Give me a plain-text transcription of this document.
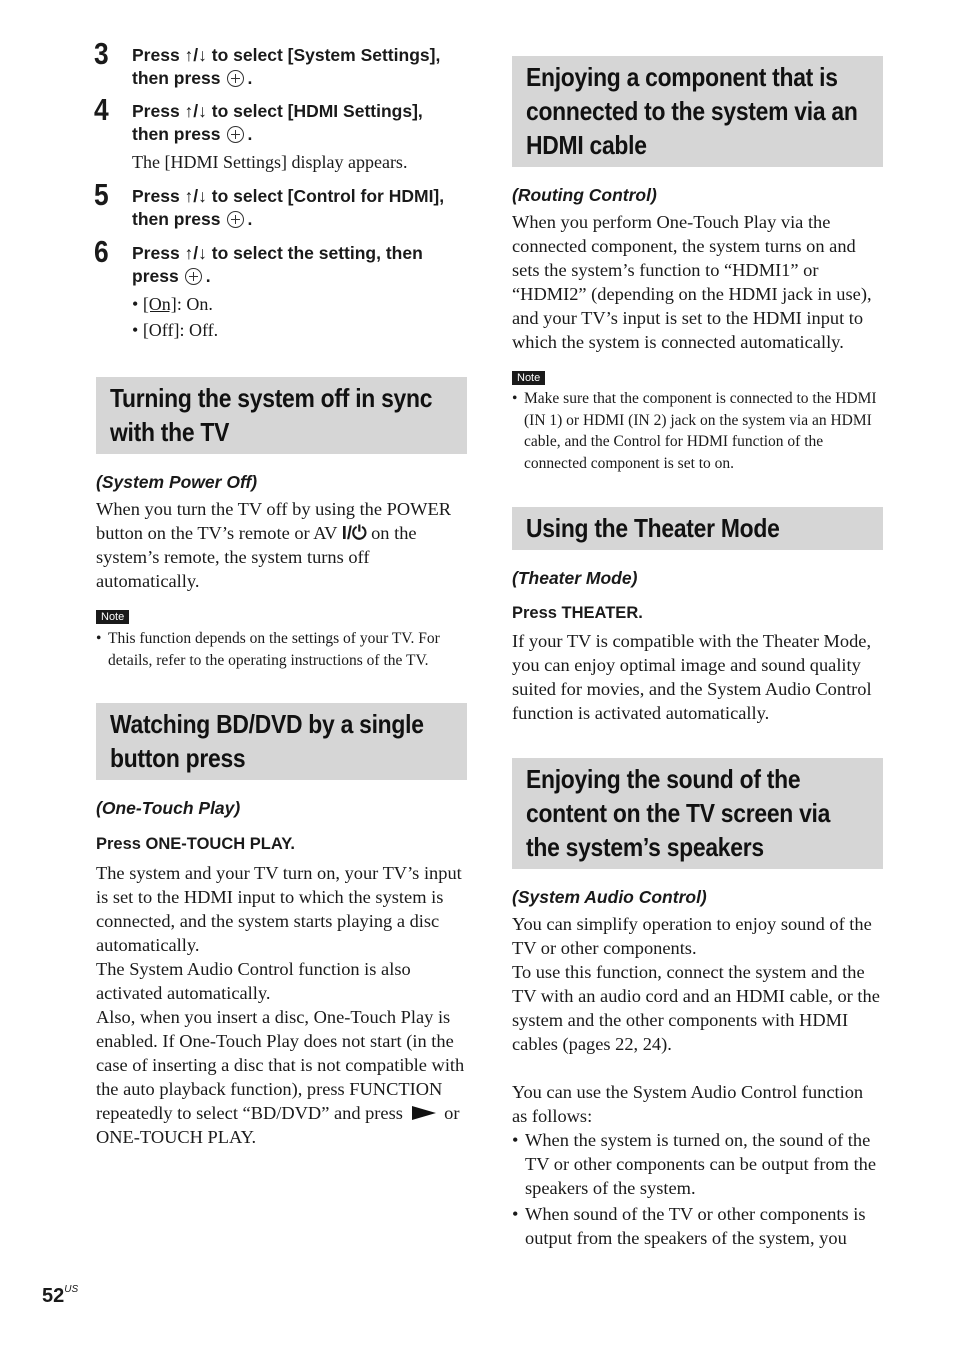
3 Press ↑/↓ to select [System Settings],
then press .
4 Press ↑/↓ to select [HDMI Settings],
then press .
The [HDMI Settings] display appears.
5 Press ↑/↓ to select [Control for HDMI],
then press .
6 Press ↑/↓ to select the setting, then
press .
• [On]: On.
• [Off]: Off.
Turning the system off in sync with the TV
(System Power Off)

When you turn the TV off by using the POWER button on the TV’s remote or AV I/⏻ on the system’s remote, the system turns off automatically.

Note
• This function depends on the settings of your TV. For details, refer to the operating instructions of the TV.
Watching BD/DVD by a single button press
(One-Touch Play)
Press ONE-TOUCH PLAY.

The system and your TV turn on, your TV’s input is set to the HDMI input to which the system is connected, and the system starts playing a disc automatically.

The System Audio Control function is also activated automatically.

Also, when you insert a disc, One-Touch Play is enabled. If One-Touch Play does not start (in the case of inserting a disc that is not compatible with the auto playback function), press FUNCTION repeatedly to select “BD/DVD” and press or ONE-TOUCH PLAY.

Enjoying a component that is connected to the system via an HDMI cable
(Routing Control)

When you perform One-Touch Play via the connected component, the system turns on and sets the system’s function to “HDMI1” or “HDMI2” (depending on the HDMI jack in use), and your TV’s input is set to the HDMI input to which the system is connected automatically.

Note
• Make sure that the component is connected to the HDMI (IN 1) or HDMI (IN 2) jack on the system via an HDMI cable, and the Control for HDMI function of the connected component is set to on.
Using the Theater Mode
(Theater Mode)
Press THEATER.

If your TV is compatible with the Theater Mode, you can enjoy optimal image and sound quality suited for movies, and the System Audio Control function is activated automatically.

Enjoying the sound of the content on the TV screen via the system’s speakers
(System Audio Control)

You can simplify operation to enjoy sound of the TV or other components.

To use this function, connect the system and the TV with an audio cord and an HDMI cable, or the system and the other components with HDMI cables (pages 22, 24).

You can use the System Audio Control function as follows:

• When the system is turned on, the sound of the TV or other components can be output from the speakers of the system.
• When sound of the TV or other components is output from the speakers of the system, you
$52^{US}$
